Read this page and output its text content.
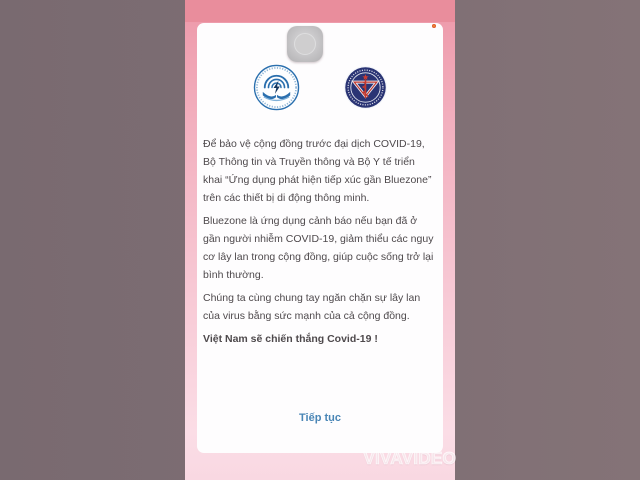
Để bảo vệ cộng đồng trước đại dịch COVID-19, Bộ Thông tin và Truyền thông và Bộ Y tế triển khai “Ứng dụng phát hiện tiếp xúc gần Bluezone” trên các thiết bị di động thông minh.

Bluezone là ứng dụng cảnh báo nếu bạn đã ở gần người nhiễm COVID-19, giảm thiểu các nguy cơ lây lan trong cộng đồng, giúp cuộc sống trở lại bình thường.

Chúng ta cùng chung tay ngăn chặn sự lây lan của virus bằng sức mạnh của cả cộng đồng.

Việt Nam sẽ chiến thắng Covid-19 !

Tiếp tục
VIVAVIDEO
